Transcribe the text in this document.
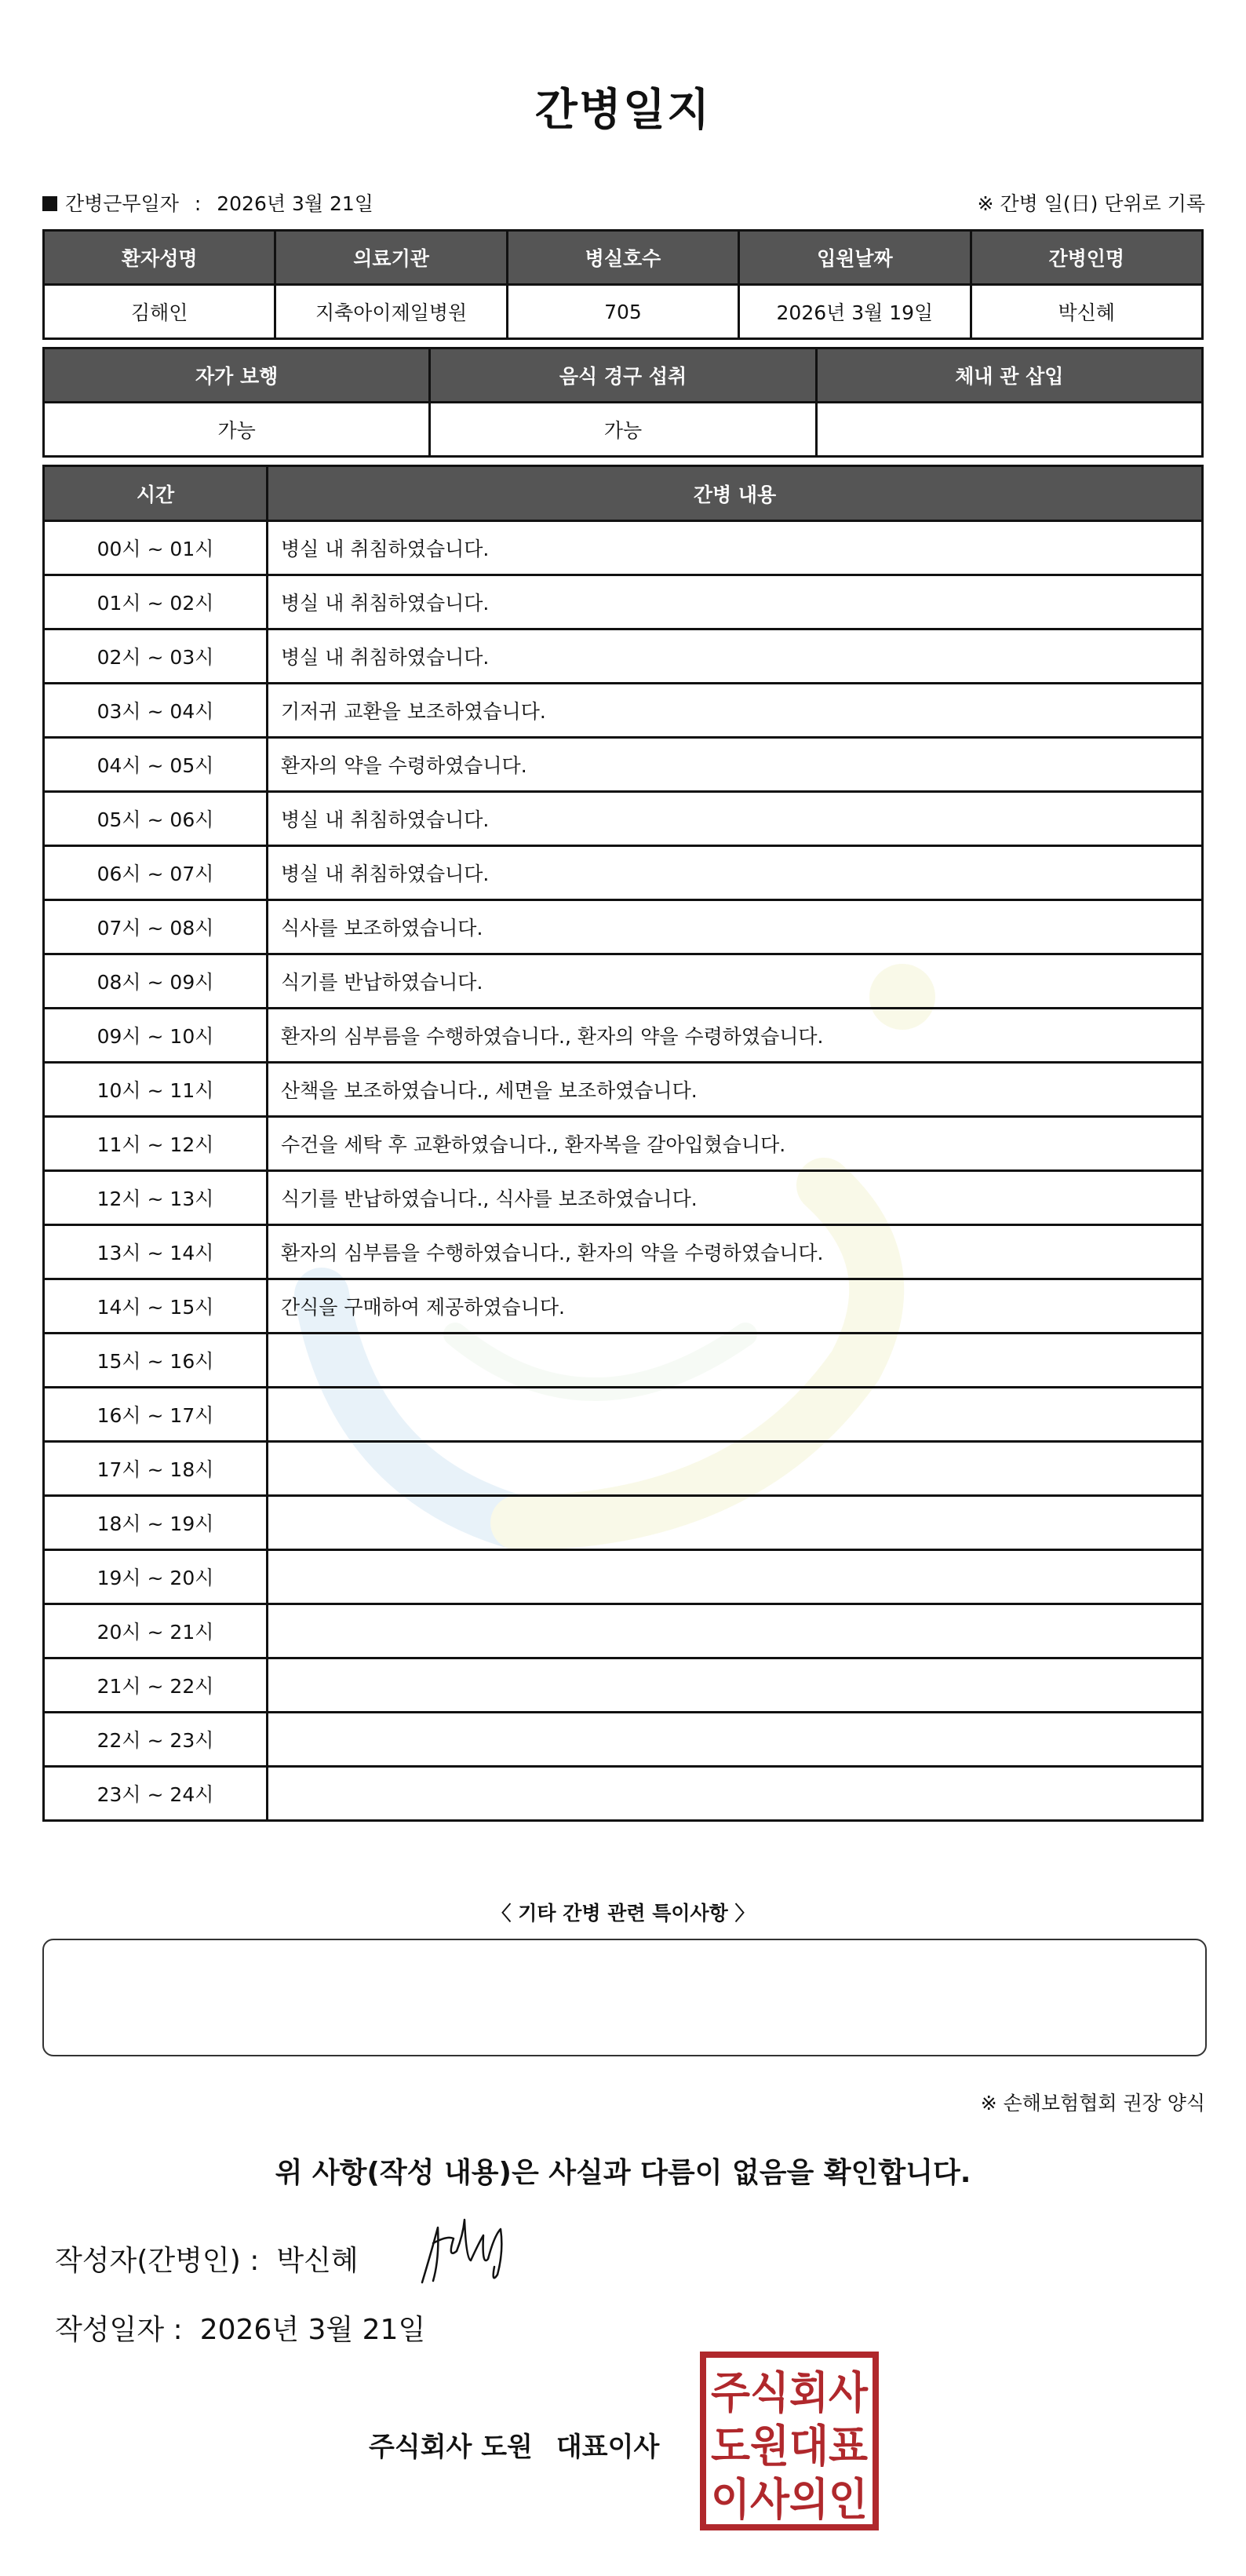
간병일지
간병근무일자 : 2026년 3월 21일	※ 간병 일(日) 단위로 기록
환자성명	의료기관	병실호수	입원날짜	간병인명
김해인	지축아이제일병원	705	2026년 3월 19일	박신혜
자가 보행	음식 경구 섭취	체내 관 삽입
가능	가능	
시간	간병 내용
00시 ~ 01시	병실 내 취침하였습니다.
01시 ~ 02시	병실 내 취침하였습니다.
02시 ~ 03시	병실 내 취침하였습니다.
03시 ~ 04시	기저귀 교환을 보조하였습니다.
04시 ~ 05시	환자의 약을 수령하였습니다.
05시 ~ 06시	병실 내 취침하였습니다.
06시 ~ 07시	병실 내 취침하였습니다.
07시 ~ 08시	식사를 보조하였습니다.
08시 ~ 09시	식기를 반납하였습니다.
09시 ~ 10시	환자의 심부름을 수행하였습니다., 환자의 약을 수령하였습니다.
10시 ~ 11시	산책을 보조하였습니다., 세면을 보조하였습니다.
11시 ~ 12시	수건을 세탁 후 교환하였습니다., 환자복을 갈아입혔습니다.
12시 ~ 13시	식기를 반납하였습니다., 식사를 보조하였습니다.
13시 ~ 14시	환자의 심부름을 수행하였습니다., 환자의 약을 수령하였습니다.
14시 ~ 15시	간식을 구매하여 제공하였습니다.
15시 ~ 16시	
16시 ~ 17시	
17시 ~ 18시	
18시 ~ 19시	
19시 ~ 20시	
20시 ~ 21시	
21시 ~ 22시	
22시 ~ 23시	
23시 ~ 24시	
〈 기타 간병 관련 특이사항 〉
※ 손해보험협회 권장 양식
위 사항(작성 내용)은 사실과 다름이 없음을 확인합니다.
작성자(간병인) : 박신혜
작성일자 : 2026년 3월 21일
주식회사 도원 대표이사
주식회사
도원대표
이사의인
